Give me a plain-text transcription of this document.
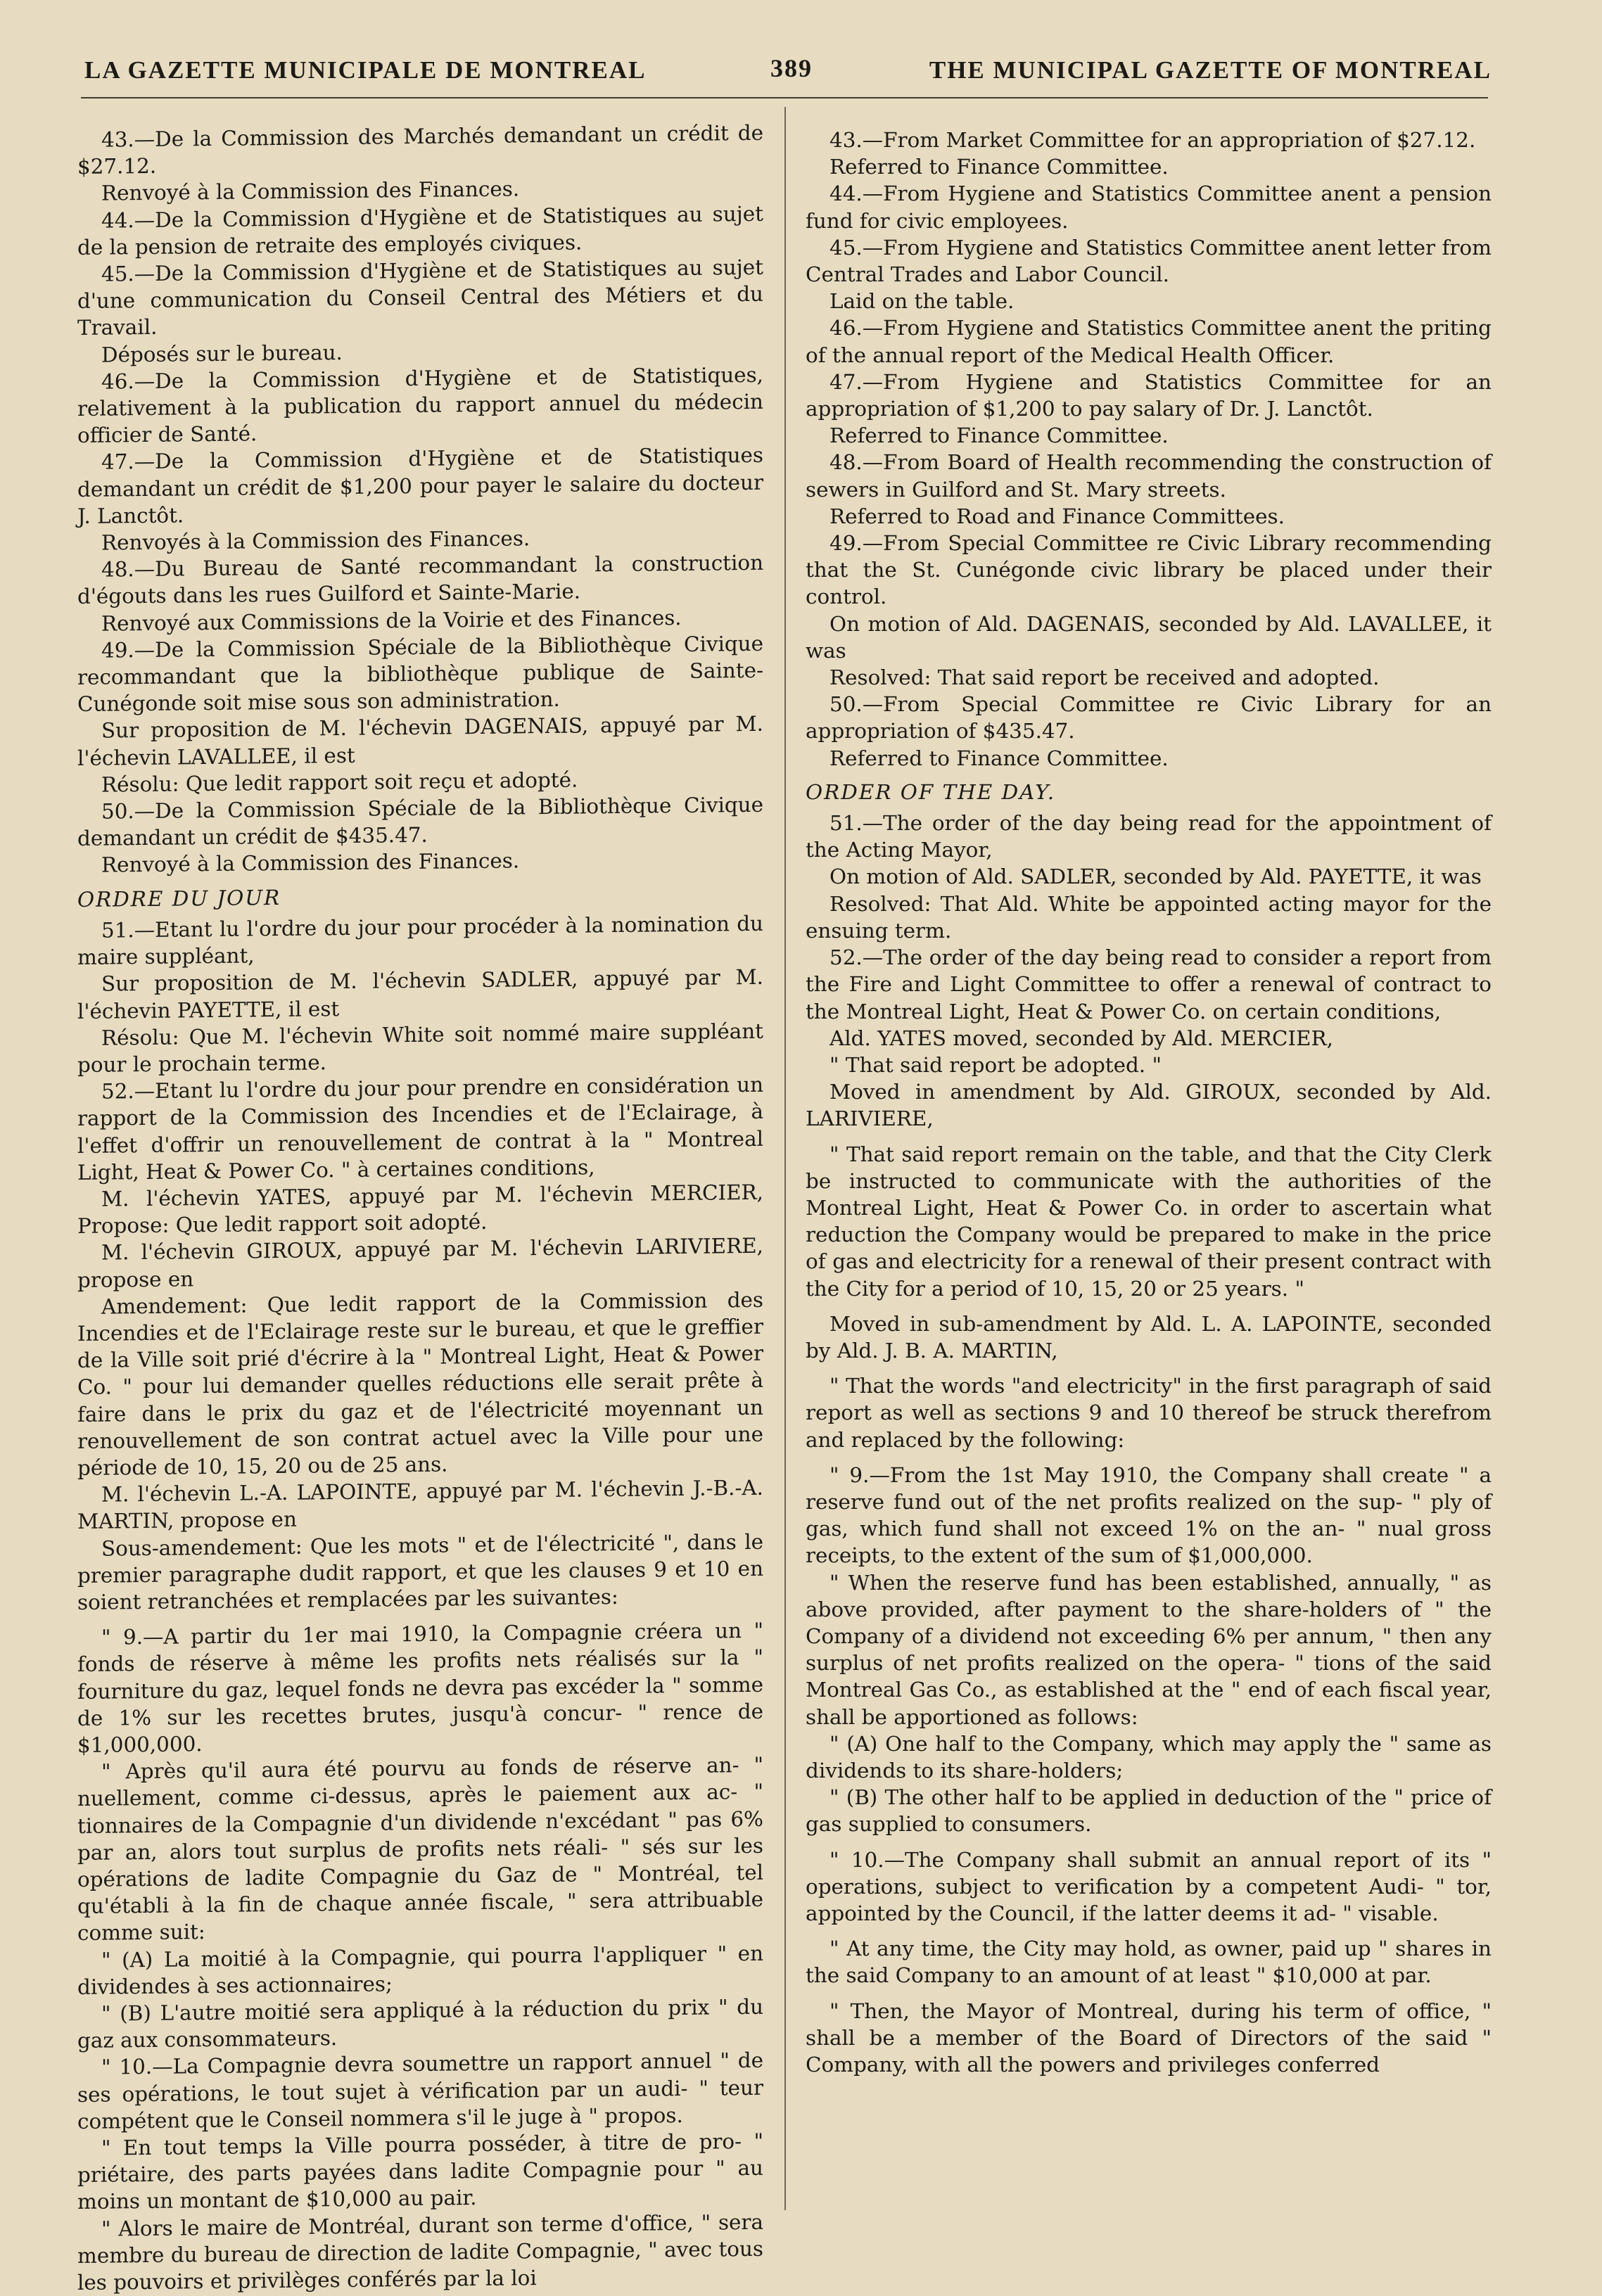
LA GAZETTE MUNICIPALE DE MONTREAL	389	THE MUNICIPAL GAZETTE OF MONTREAL

43.—De la Commission des Marchés demandant un crédit de $27.12.

Renvoyé à la Commission des Finances.

44.—De la Commission d'Hygiène et de Statistiques au sujet de la pension de retraite des employés civiques.

45.—De la Commission d'Hygiène et de Statistiques au sujet d'une communication du Conseil Central des Métiers et du Travail.

Déposés sur le bureau.

46.—De la Commission d'Hygiène et de Statistiques, relativement à la publication du rapport annuel du médecin officier de Santé.

47.—De la Commission d'Hygiène et de Statistiques demandant un crédit de $1,200 pour payer le salaire du docteur J. Lanctôt.

Renvoyés à la Commission des Finances.

48.—Du Bureau de Santé recommandant la construction d'égouts dans les rues Guilford et Sainte-Marie.

Renvoyé aux Commissions de la Voirie et des Finances.

49.—De la Commission Spéciale de la Bibliothèque Civique recommandant que la bibliothèque publique de Sainte-Cunégonde soit mise sous son administration.

Sur proposition de M. l'échevin DAGENAIS, appuyé par M. l'échevin LAVALLEE, il est

Résolu: Que ledit rapport soit reçu et adopté.

50.—De la Commission Spéciale de la Bibliothèque Civique demandant un crédit de $435.47.

Renvoyé à la Commission des Finances.

ORDRE DU JOUR

51.—Etant lu l'ordre du jour pour procéder à la nomination du maire suppléant,

Sur proposition de M. l'échevin SADLER, appuyé par M. l'échevin PAYETTE, il est

Résolu: Que M. l'échevin White soit nommé maire suppléant pour le prochain terme.

52.—Etant lu l'ordre du jour pour prendre en considération un rapport de la Commission des Incendies et de l'Eclairage, à l'effet d'offrir un renouvellement de contrat à la " Montreal Light, Heat & Power Co. " à certaines conditions,

M. l'échevin YATES, appuyé par M. l'échevin MERCIER, Propose: Que ledit rapport soit adopté.

M. l'échevin GIROUX, appuyé par M. l'échevin LARIVIERE, propose en

Amendement: Que ledit rapport de la Commission des Incendies et de l'Eclairage reste sur le bureau, et que le greffier de la Ville soit prié d'écrire à la " Montreal Light, Heat & Power Co. " pour lui demander quelles réductions elle serait prête à faire dans le prix du gaz et de l'électricité moyennant un renouvellement de son contrat actuel avec la Ville pour une période de 10, 15, 20 ou de 25 ans.

M. l'échevin L.-A. LAPOINTE, appuyé par M. l'échevin J.-B.-A. MARTIN, propose en

Sous-amendement: Que les mots " et de l'électricité ", dans le premier paragraphe dudit rapport, et que les clauses 9 et 10 en soient retranchées et remplacées par les suivantes:

" 9.—A partir du 1er mai 1910, la Compagnie créera un " fonds de réserve à même les profits nets réalisés sur la " fourniture du gaz, lequel fonds ne devra pas excéder la " somme de 1% sur les recettes brutes, jusqu'à concur- " rence de $1,000,000.

" Après qu'il aura été pourvu au fonds de réserve an- " nuellement, comme ci-dessus, après le paiement aux ac- " tionnaires de la Compagnie d'un dividende n'excédant " pas 6% par an, alors tout surplus de profits nets réali- " sés sur les opérations de ladite Compagnie du Gaz de " Montréal, tel qu'établi à la fin de chaque année fiscale, " sera attribuable comme suit:

" (A) La moitié à la Compagnie, qui pourra l'appliquer " en dividendes à ses actionnaires;

" (B) L'autre moitié sera appliqué à la réduction du prix " du gaz aux consommateurs.

" 10.—La Compagnie devra soumettre un rapport annuel " de ses opérations, le tout sujet à vérification par un audi- " teur compétent que le Conseil nommera s'il le juge à " propos.

" En tout temps la Ville pourra posséder, à titre de pro- " priétaire, des parts payées dans ladite Compagnie pour " au moins un montant de $10,000 au pair.

" Alors le maire de Montréal, durant son terme d'office, " sera membre du bureau de direction de ladite Compagnie, " avec tous les pouvoirs et privilèges conférés par la loi

43.—From Market Committee for an appropriation of $27.12.

Referred to Finance Committee.

44.—From Hygiene and Statistics Committee anent a pension fund for civic employees.

45.—From Hygiene and Statistics Committee anent letter from Central Trades and Labor Council.

Laid on the table.

46.—From Hygiene and Statistics Committee anent the priting of the annual report of the Medical Health Officer.

47.—From Hygiene and Statistics Committee for an appropriation of $1,200 to pay salary of Dr. J. Lanctôt.

Referred to Finance Committee.

48.—From Board of Health recommending the construction of sewers in Guilford and St. Mary streets.

Referred to Road and Finance Committees.

49.—From Special Committee re Civic Library recommending that the St. Cunégonde civic library be placed under their control.

On motion of Ald. DAGENAIS, seconded by Ald. LAVALLEE, it was

Resolved: That said report be received and adopted.

50.—From Special Committee re Civic Library for an appropriation of $435.47.

Referred to Finance Committee.

ORDER OF THE DAY.

51.—The order of the day being read for the appointment of the Acting Mayor,

On motion of Ald. SADLER, seconded by Ald. PAYETTE, it was

Resolved: That Ald. White be appointed acting mayor for the ensuing term.

52.—The order of the day being read to consider a report from the Fire and Light Committee to offer a renewal of contract to the Montreal Light, Heat & Power Co. on certain conditions,

Ald. YATES moved, seconded by Ald. MERCIER,

" That said report be adopted. "

Moved in amendment by Ald. GIROUX, seconded by Ald. LARIVIERE,

" That said report remain on the table, and that the City Clerk be instructed to communicate with the authorities of the Montreal Light, Heat & Power Co. in order to ascertain what reduction the Company would be prepared to make in the price of gas and electricity for a renewal of their present contract with the City for a period of 10, 15, 20 or 25 years. "

Moved in sub-amendment by Ald. L. A. LAPOINTE, seconded by Ald. J. B. A. MARTIN,

" That the words "and electricity" in the first paragraph of said report as well as sections 9 and 10 thereof be struck therefrom and replaced by the following:

" 9.—From the 1st May 1910, the Company shall create " a reserve fund out of the net profits realized on the sup- " ply of gas, which fund shall not exceed 1% on the an- " nual gross receipts, to the extent of the sum of $1,000,000.

" When the reserve fund has been established, annually, " as above provided, after payment to the share-holders of " the Company of a dividend not exceeding 6% per annum, " then any surplus of net profits realized on the opera- " tions of the said Montreal Gas Co., as established at the " end of each fiscal year, shall be apportioned as follows:

" (A) One half to the Company, which may apply the " same as dividends to its share-holders;

" (B) The other half to be applied in deduction of the " price of gas supplied to consumers.

" 10.—The Company shall submit an annual report of its " operations, subject to verification by a competent Audi- " tor, appointed by the Council, if the latter deems it ad- " visable.

" At any time, the City may hold, as owner, paid up " shares in the said Company to an amount of at least " $10,000 at par.

" Then, the Mayor of Montreal, during his term of office, " shall be a member of the Board of Directors of the said " Company, with all the powers and privileges conferred
